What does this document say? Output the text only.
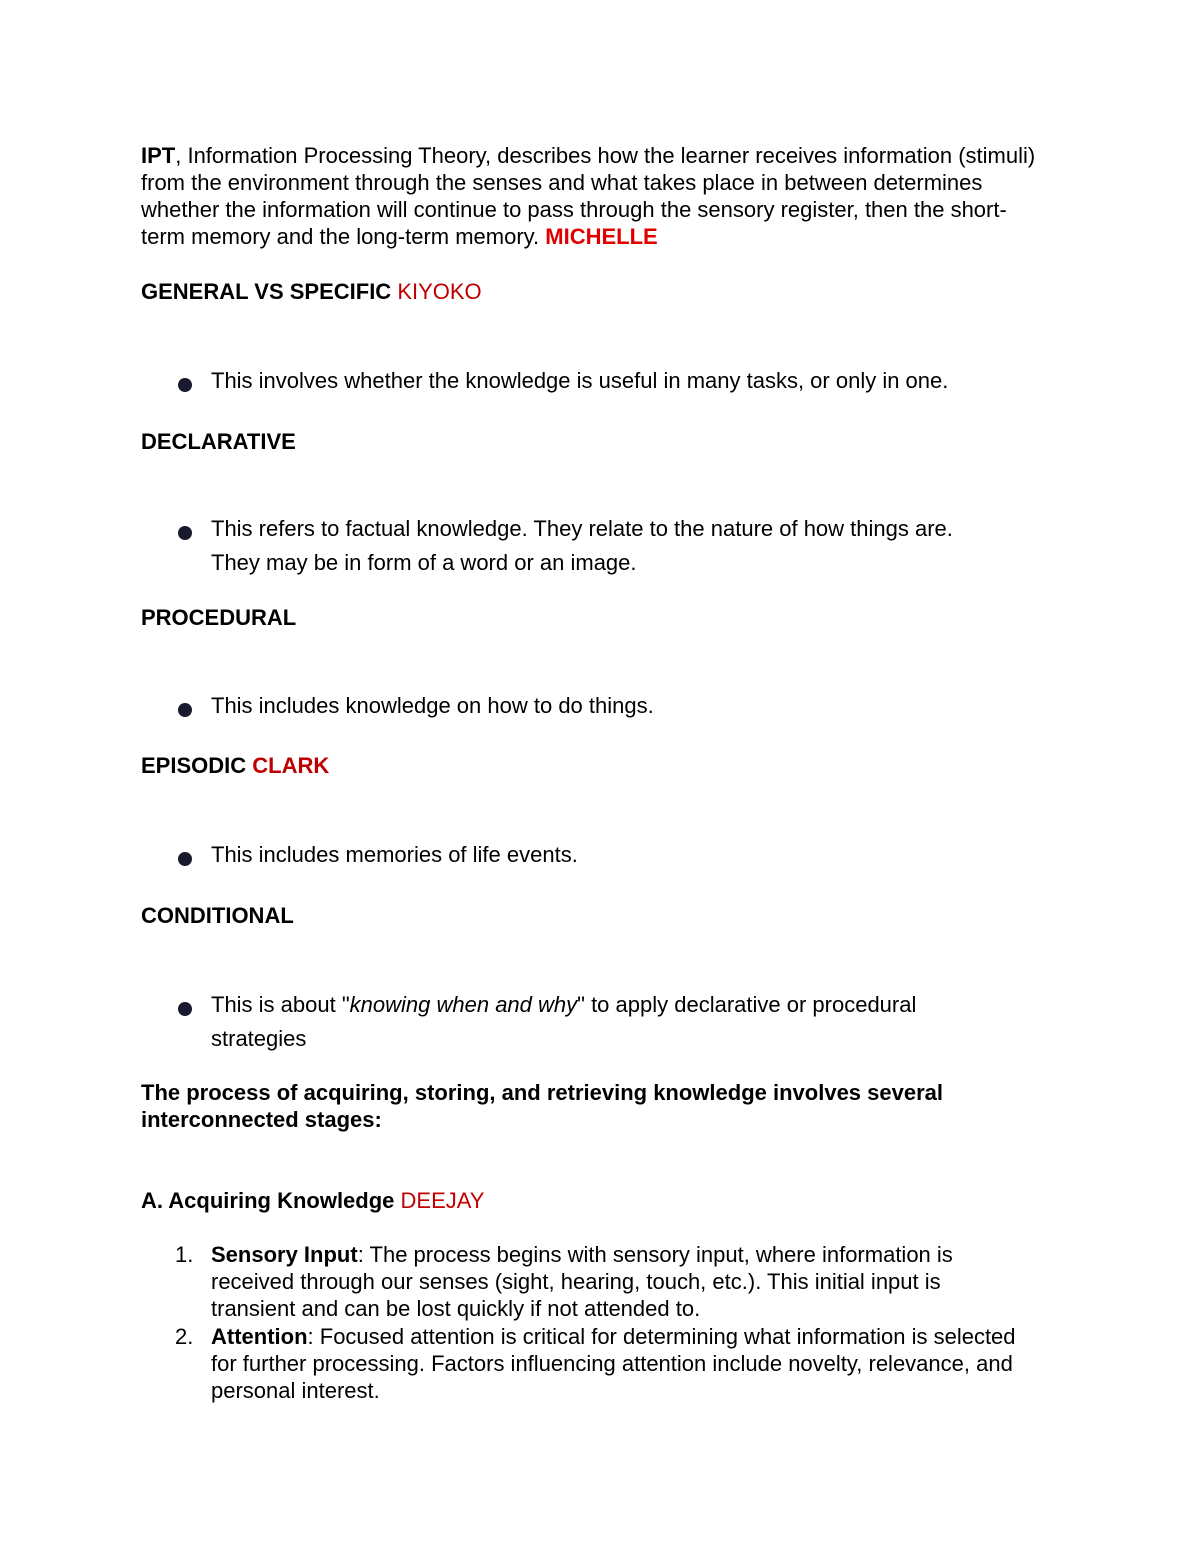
IPT, Information Processing Theory, describes how the learner receives information (stimuli) from the environment through the senses and what takes place in between determines whether the information will continue to pass through the sensory register, then the short-term memory and the long-term memory. MICHELLE
GENERAL VS SPECIFIC KIYOKO
This involves whether the knowledge is useful in many tasks, or only in one.
DECLARATIVE
This refers to factual knowledge. They relate to the nature of how things are.
They may be in form of a word or an image.
PROCEDURAL
This includes knowledge on how to do things.
EPISODIC CLARK
This includes memories of life events.
CONDITIONAL
This is about "knowing when and why" to apply declarative or procedural
strategies
The process of acquiring, storing, and retrieving knowledge involves several interconnected stages:
A. Acquiring Knowledge DEEJAY
1. Sensory Input: The process begins with sensory input, where information is received through our senses (sight, hearing, touch, etc.). This initial input is transient and can be lost quickly if not attended to.
2. Attention: Focused attention is critical for determining what information is selected for further processing. Factors influencing attention include novelty, relevance, and personal interest.
